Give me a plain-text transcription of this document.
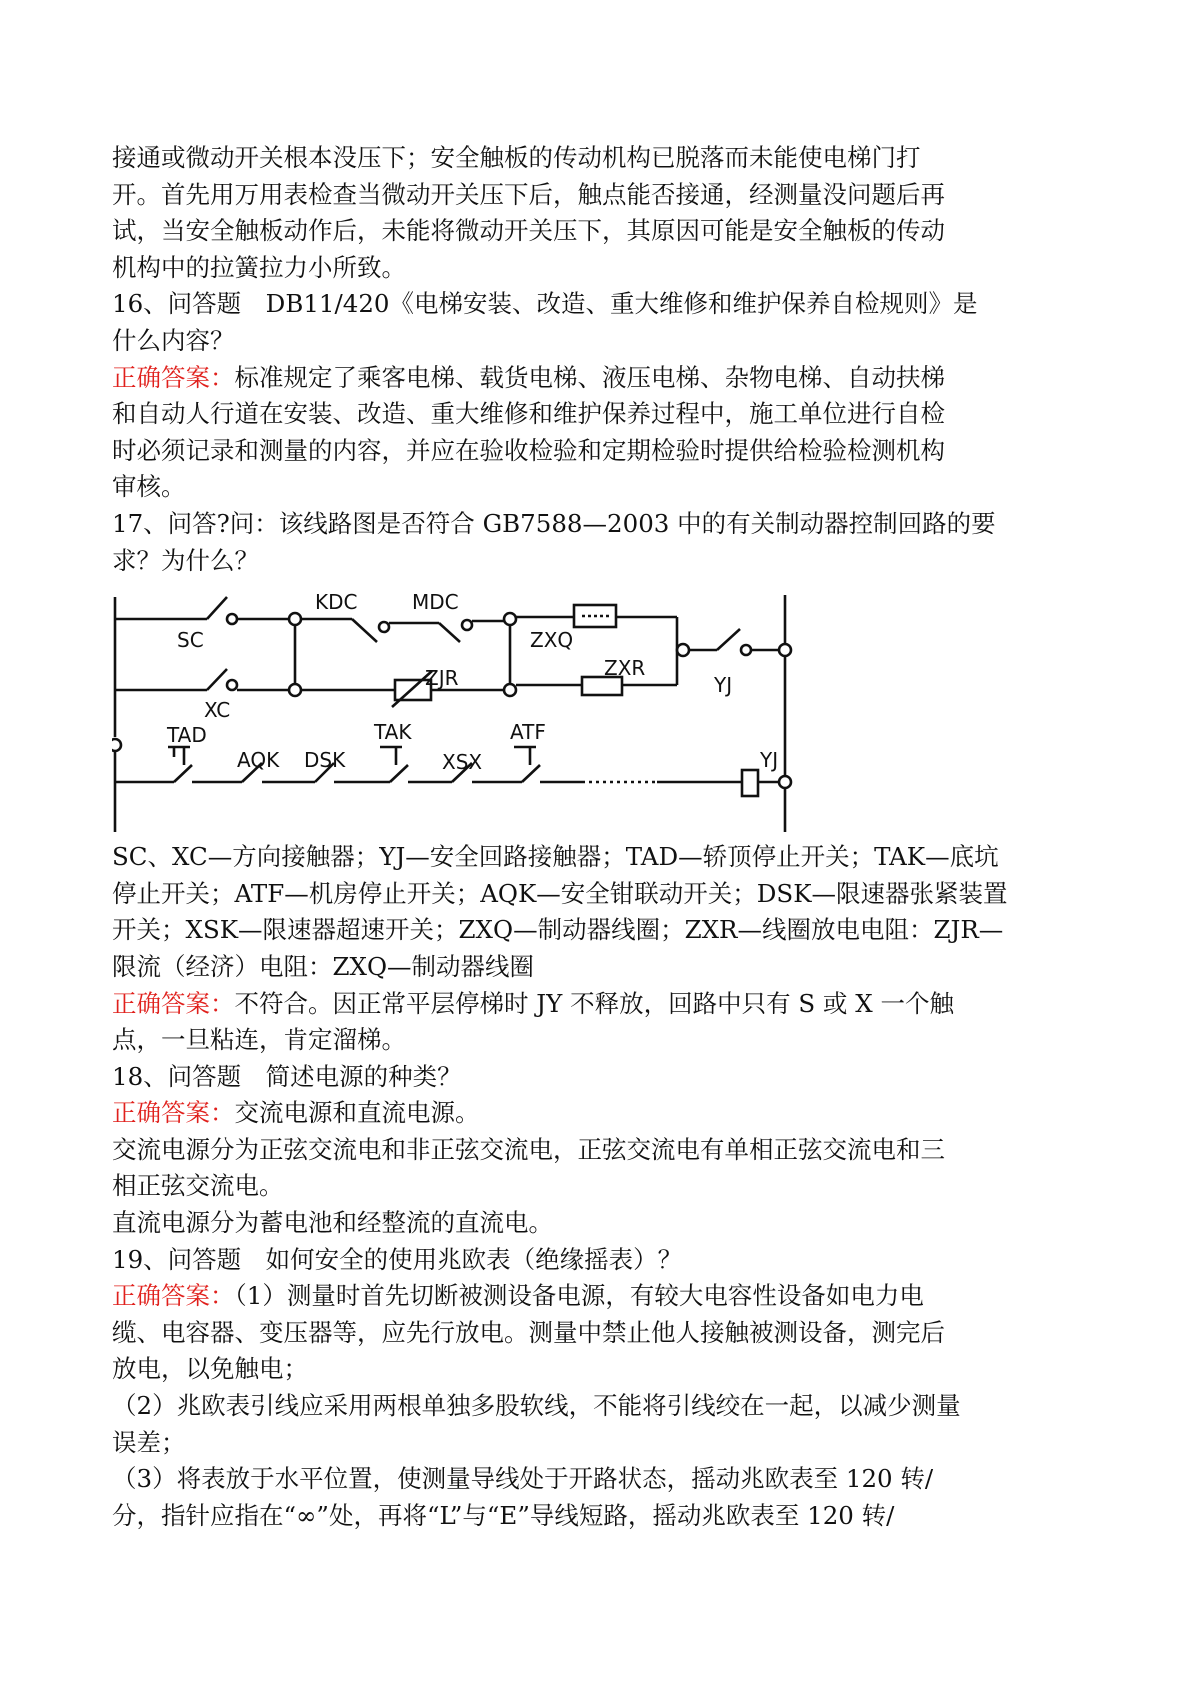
接通或微动开关根本没压下；安全触板的传动机构已脱落而未能使电梯门打
开。首先用万用表检查当微动开关压下后，触点能否接通，经测量没问题后再
试，当安全触板动作后，未能将微动开关压下，其原因可能是安全触板的传动
机构中的拉簧拉力小所致。
16、问答题　DB11/420《电梯安装、改造、重大维修和维护保养自检规则》是
什么内容？
正确答案：标准规定了乘客电梯、载货电梯、液压电梯、杂物电梯、自动扶梯
和自动人行道在安装、改造、重大维修和维护保养过程中，施工单位进行自检
时必须记录和测量的内容，并应在验收检验和定期检验时提供给检验检测机构
审核。
17、问答?问：该线路图是否符合 GB7588—2003 中的有关制动器控制回路的要
求？为什么？
SC
XC
KDC	MDC
ZXQ
ZJR	ZXR
YJ
TAD
AQK DSK
TAK
XSX
ATF
YJ
SC、XC—方向接触器；YJ—安全回路接触器；TAD—轿顶停止开关；TAK—底坑
停止开关；ATF—机房停止开关；AQK—安全钳联动开关；DSK—限速器张紧装置
开关；XSK—限速器超速开关；ZXQ—制动器线圈；ZXR—线圈放电电阻：ZJR—
限流（经济）电阻：ZXQ—制动器线圈
正确答案：不符合。因正常平层停梯时 JY 不释放，回路中只有 S 或 X 一个触
点，一旦粘连，肯定溜梯。
18、问答题　简述电源的种类？
正确答案：交流电源和直流电源。
交流电源分为正弦交流电和非正弦交流电，正弦交流电有单相正弦交流电和三
相正弦交流电。
直流电源分为蓄电池和经整流的直流电。
19、问答题　如何安全的使用兆欧表（绝缘摇表）？
正确答案：（1）测量时首先切断被测设备电源，有较大电容性设备如电力电
缆、电容器、变压器等，应先行放电。测量中禁止他人接触被测设备，测完后
放电，以免触电；
（2）兆欧表引线应采用两根单独多股软线，不能将引线绞在一起，以减少测量
误差；
（3）将表放于水平位置，使测量导线处于开路状态，摇动兆欧表至 120 转/
分，指针应指在“∞”处，再将“L”与“E”导线短路，摇动兆欧表至 120 转/
